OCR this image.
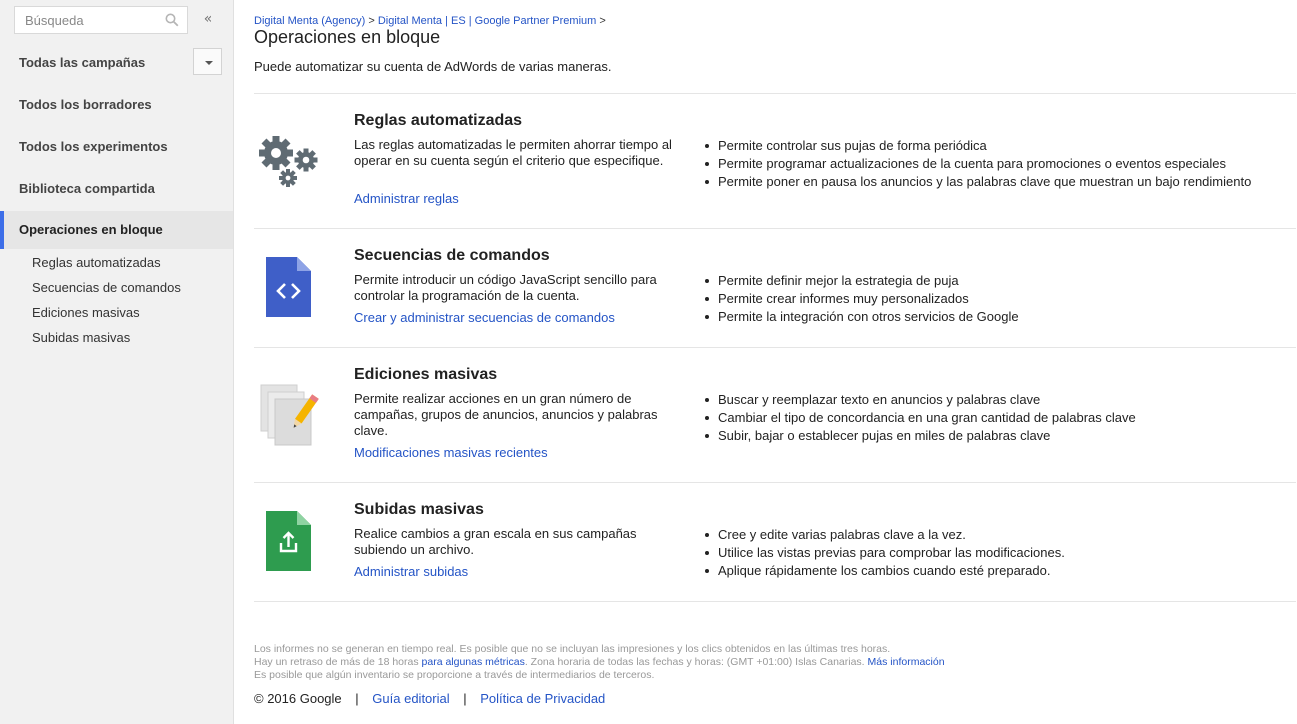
Búsqueda
«
Todas las campañas
Todos los borradores
Todos los experimentos
Biblioteca compartida
Operaciones en bloque
Reglas automatizadas
Secuencias de comandos
Ediciones masivas
Subidas masivas
Digital Menta (Agency) > Digital Menta | ES | Google Partner Premium >
Operaciones en bloque
Puede automatizar su cuenta de AdWords de varias maneras.
Reglas automatizadas
Las reglas automatizadas le permiten ahorrar tiempo al operar en su cuenta según el criterio que especifique.
Administrar reglas
Permite controlar sus pujas de forma periódica
Permite programar actualizaciones de la cuenta para promociones o eventos especiales
Permite poner en pausa los anuncios y las palabras clave que muestran un bajo rendimiento
Secuencias de comandos
Permite introducir un código JavaScript sencillo para controlar la programación de la cuenta.
Crear y administrar secuencias de comandos
Permite definir mejor la estrategia de puja
Permite crear informes muy personalizados
Permite la integración con otros servicios de Google
Ediciones masivas
Permite realizar acciones en un gran número de campañas, grupos de anuncios, anuncios y palabras clave.
Modificaciones masivas recientes
Buscar y reemplazar texto en anuncios y palabras clave
Cambiar el tipo de concordancia en una gran cantidad de palabras clave
Subir, bajar o establecer pujas en miles de palabras clave
Subidas masivas
Realice cambios a gran escala en sus campañas subiendo un archivo.
Administrar subidas
Cree y edite varias palabras clave a la vez.
Utilice las vistas previas para comprobar las modificaciones.
Aplique rápidamente los cambios cuando esté preparado.
Los informes no se generan en tiempo real. Es posible que no se incluyan las impresiones y los clics obtenidos en las últimas tres horas.
Hay un retraso de más de 18 horas para algunas métricas. Zona horaria de todas las fechas y horas: (GMT +01:00) Islas Canarias. Más información
Es posible que algún inventario se proporcione a través de intermediarios de terceros.
© 2016 Google | Guía editorial | Política de Privacidad
